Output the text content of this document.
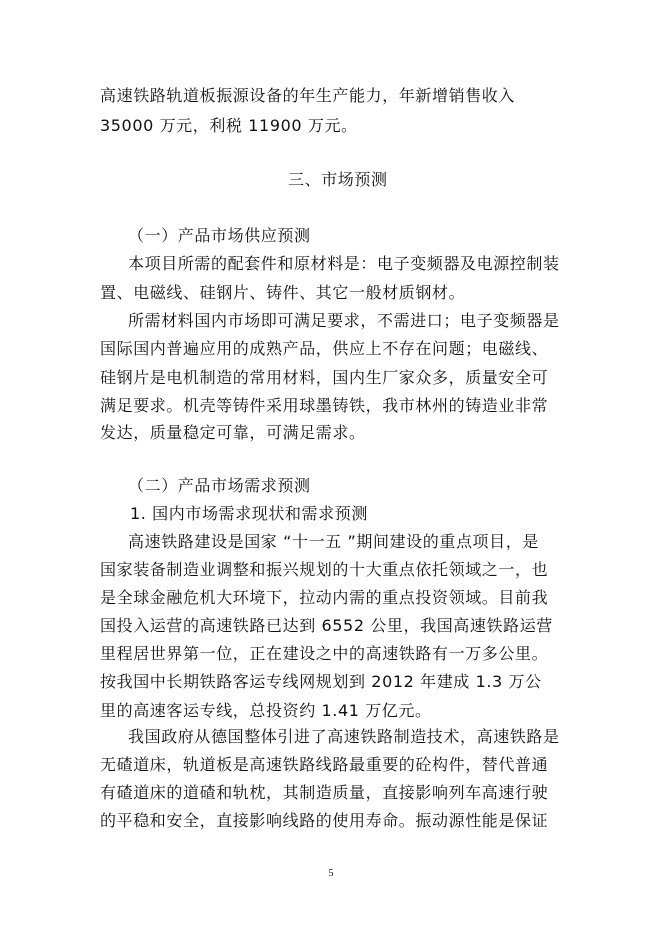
高速铁路轨道板振源设备的年生产能力，年新增销售收入
35000 万元，利税 11900 万元。
三、市场预测
（一）产品市场供应预测
本项目所需的配套件和原材料是：电子变频器及电源控制装
置、电磁线、硅钢片、铸件、其它一般材质钢材。
所需材料国内市场即可满足要求，不需进口；电子变频器是
国际国内普遍应用的成熟产品，供应上不存在问题；电磁线、
硅钢片是电机制造的常用材料，国内生厂家众多，质量安全可
满足要求。机壳等铸件采用球墨铸铁，我市林州的铸造业非常
发达，质量稳定可靠，可满足需求。
（二）产品市场需求预测
1. 国内市场需求现状和需求预测
高速铁路建设是国家 “十一五 ”期间建设的重点项目，是
国家装备制造业调整和振兴规划的十大重点依托领域之一，也
是全球金融危机大环境下，拉动内需的重点投资领域。目前我
国投入运营的高速铁路已达到 6552 公里，我国高速铁路运营
里程居世界第一位，正在建设之中的高速铁路有一万多公里。
按我国中长期铁路客运专线网规划到 2012 年建成 1.3 万公
里的高速客运专线，总投资约 1.41 万亿元。
我国政府从德国整体引进了高速铁路制造技术，高速铁路是
无碴道床，轨道板是高速铁路线路最重要的砼构件，替代普通
有碴道床的道碴和轨枕，其制造质量，直接影响列车高速行驶
的平稳和安全，直接影响线路的使用寿命。振动源性能是保证
5
